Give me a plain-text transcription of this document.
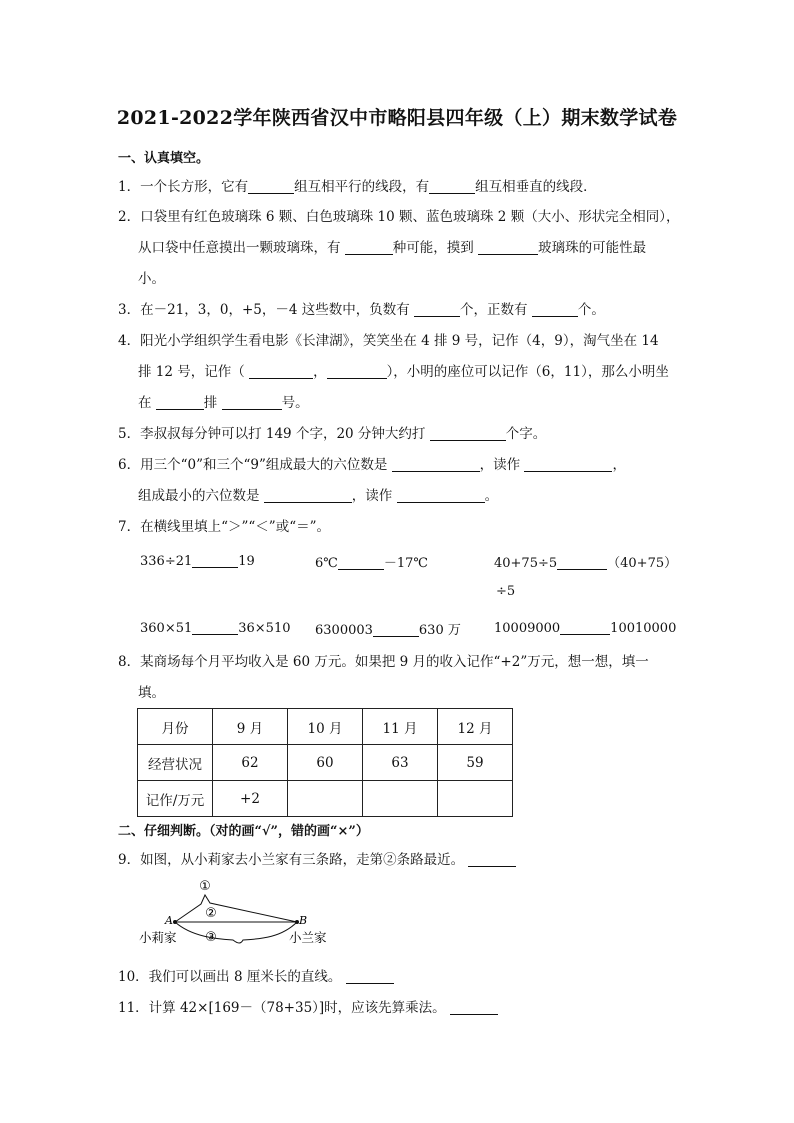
2021-2022学年陕西省汉中市略阳县四年级（上）期末数学试卷
一、认真填空。
1．一个长方形，它有	组互相平行的线段，有	组互相垂直的线段．
2．口袋里有红色玻璃珠 6 颗、白色玻璃珠 10 颗、蓝色玻璃珠 2 颗（大小、形状完全相同），
从口袋中任意摸出一颗玻璃珠，有	种可能，摸到	玻璃珠的可能性最
小。
3．在－21，3，0，+5，－4 这些数中，负数有	个，正数有	个。
4．阳光小学组织学生看电影《长津湖》，笑笑坐在 4 排 9 号，记作（4，9），淘气坐在 14
排 12 号，记作（	，	），小明的座位可以记作（6，11），那么小明坐
在	排	号。
5．李叔叔每分钟可以打 149 个字，20 分钟大约打	个字。
6．用三个“0”和三个“9”组成最大的六位数是	，读作	，
组成最小的六位数是	，读作	。
7．在横线里填上“＞”“＜”或“＝”。
336÷21	19	6℃	－17℃	40+75÷5	（40+75）
÷5
360×51	36×510 6300003	630 万	10009000	10010000
8．某商场每个月平均收入是 60 万元。如果把 9 月的收入记作“+2”万元，想一想，填一
填。
月份	9 月	10 月	11 月	12 月
经营状况	62	60	63	59
记作/万元	+2			
二、仔细判断。（对的画“√”，错的画“×”）
9．如图，从小莉家去小兰家有三条路，走第②条路最近。
①
②
③
A	B
小莉家	小兰家
10．我们可以画出 8 厘米长的直线。
11．计算 42×[169－（78+35）]时，应该先算乘法。
